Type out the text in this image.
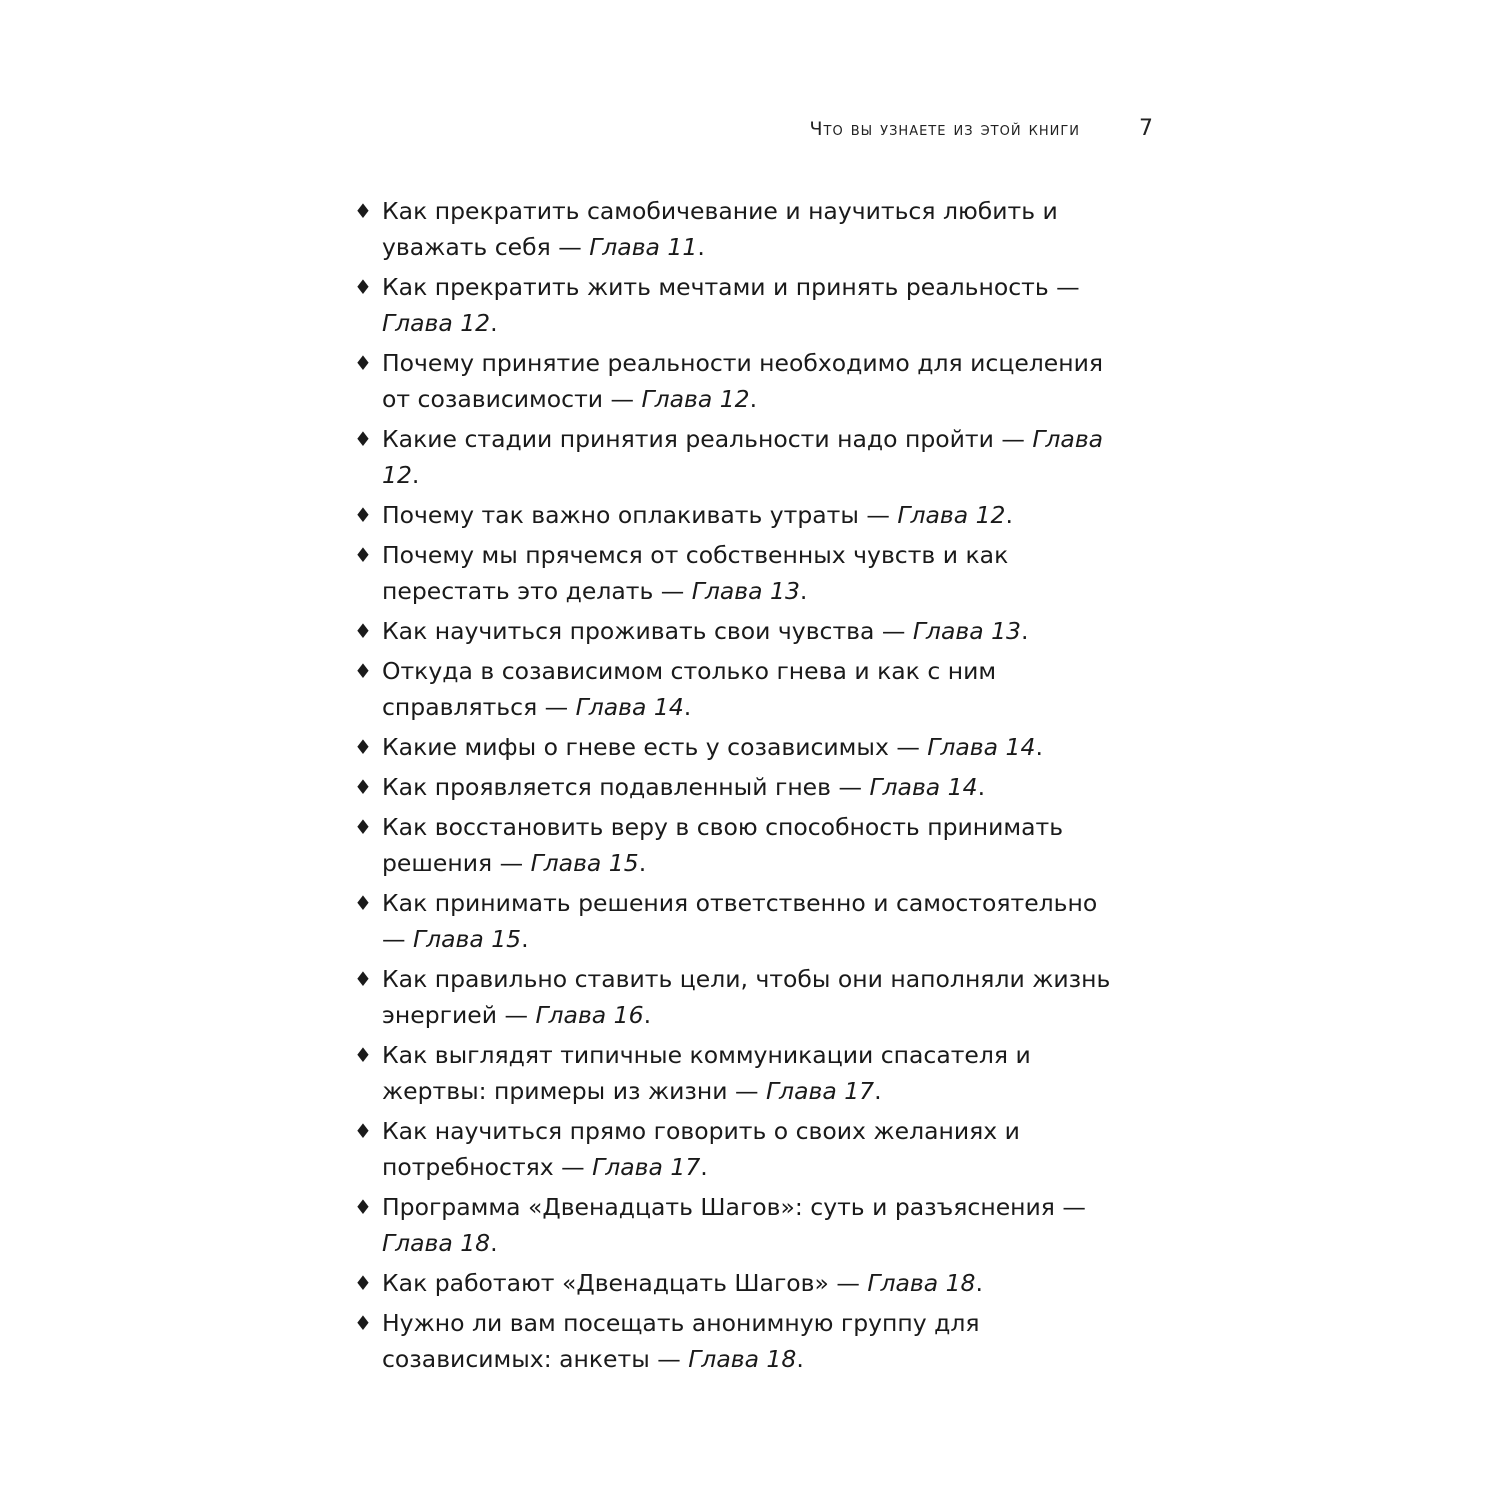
Что вы узнаете из этой книги	7
♦ Как прекратить самобичевание и научиться любить и уважать себя — Глава 11.
♦ Как прекратить жить мечтами и принять реальность — Глава 12.
♦ Почему принятие реальности необходимо для исцеления от созависимости — Глава 12.
♦ Какие стадии принятия реальности надо пройти — Глава 12.
♦ Почему так важно оплакивать утраты — Глава 12.
♦ Почему мы прячемся от собственных чувств и как перестать это делать — Глава 13.
♦ Как научиться проживать свои чувства — Глава 13.
♦ Откуда в созависимом столько гнева и как с ним справляться — Глава 14.
♦ Какие мифы о гневе есть у созависимых — Глава 14.
♦ Как проявляется подавленный гнев — Глава 14.
♦ Как восстановить веру в свою способность принимать решения — Глава 15.
♦ Как принимать решения ответственно и самостоятельно — Глава 15.
♦ Как правильно ставить цели, чтобы они наполняли жизнь энергией — Глава 16.
♦ Как выглядят типичные коммуникации спасателя и жертвы: примеры из жизни — Глава 17.
♦ Как научиться прямо говорить о своих желаниях и потребностях — Глава 17.
♦ Программа «Двенадцать Шагов»: суть и разъяснения — Глава 18.
♦ Как работают «Двенадцать Шагов» — Глава 18.
♦ Нужно ли вам посещать анонимную группу для созависимых: анкеты — Глава 18.
